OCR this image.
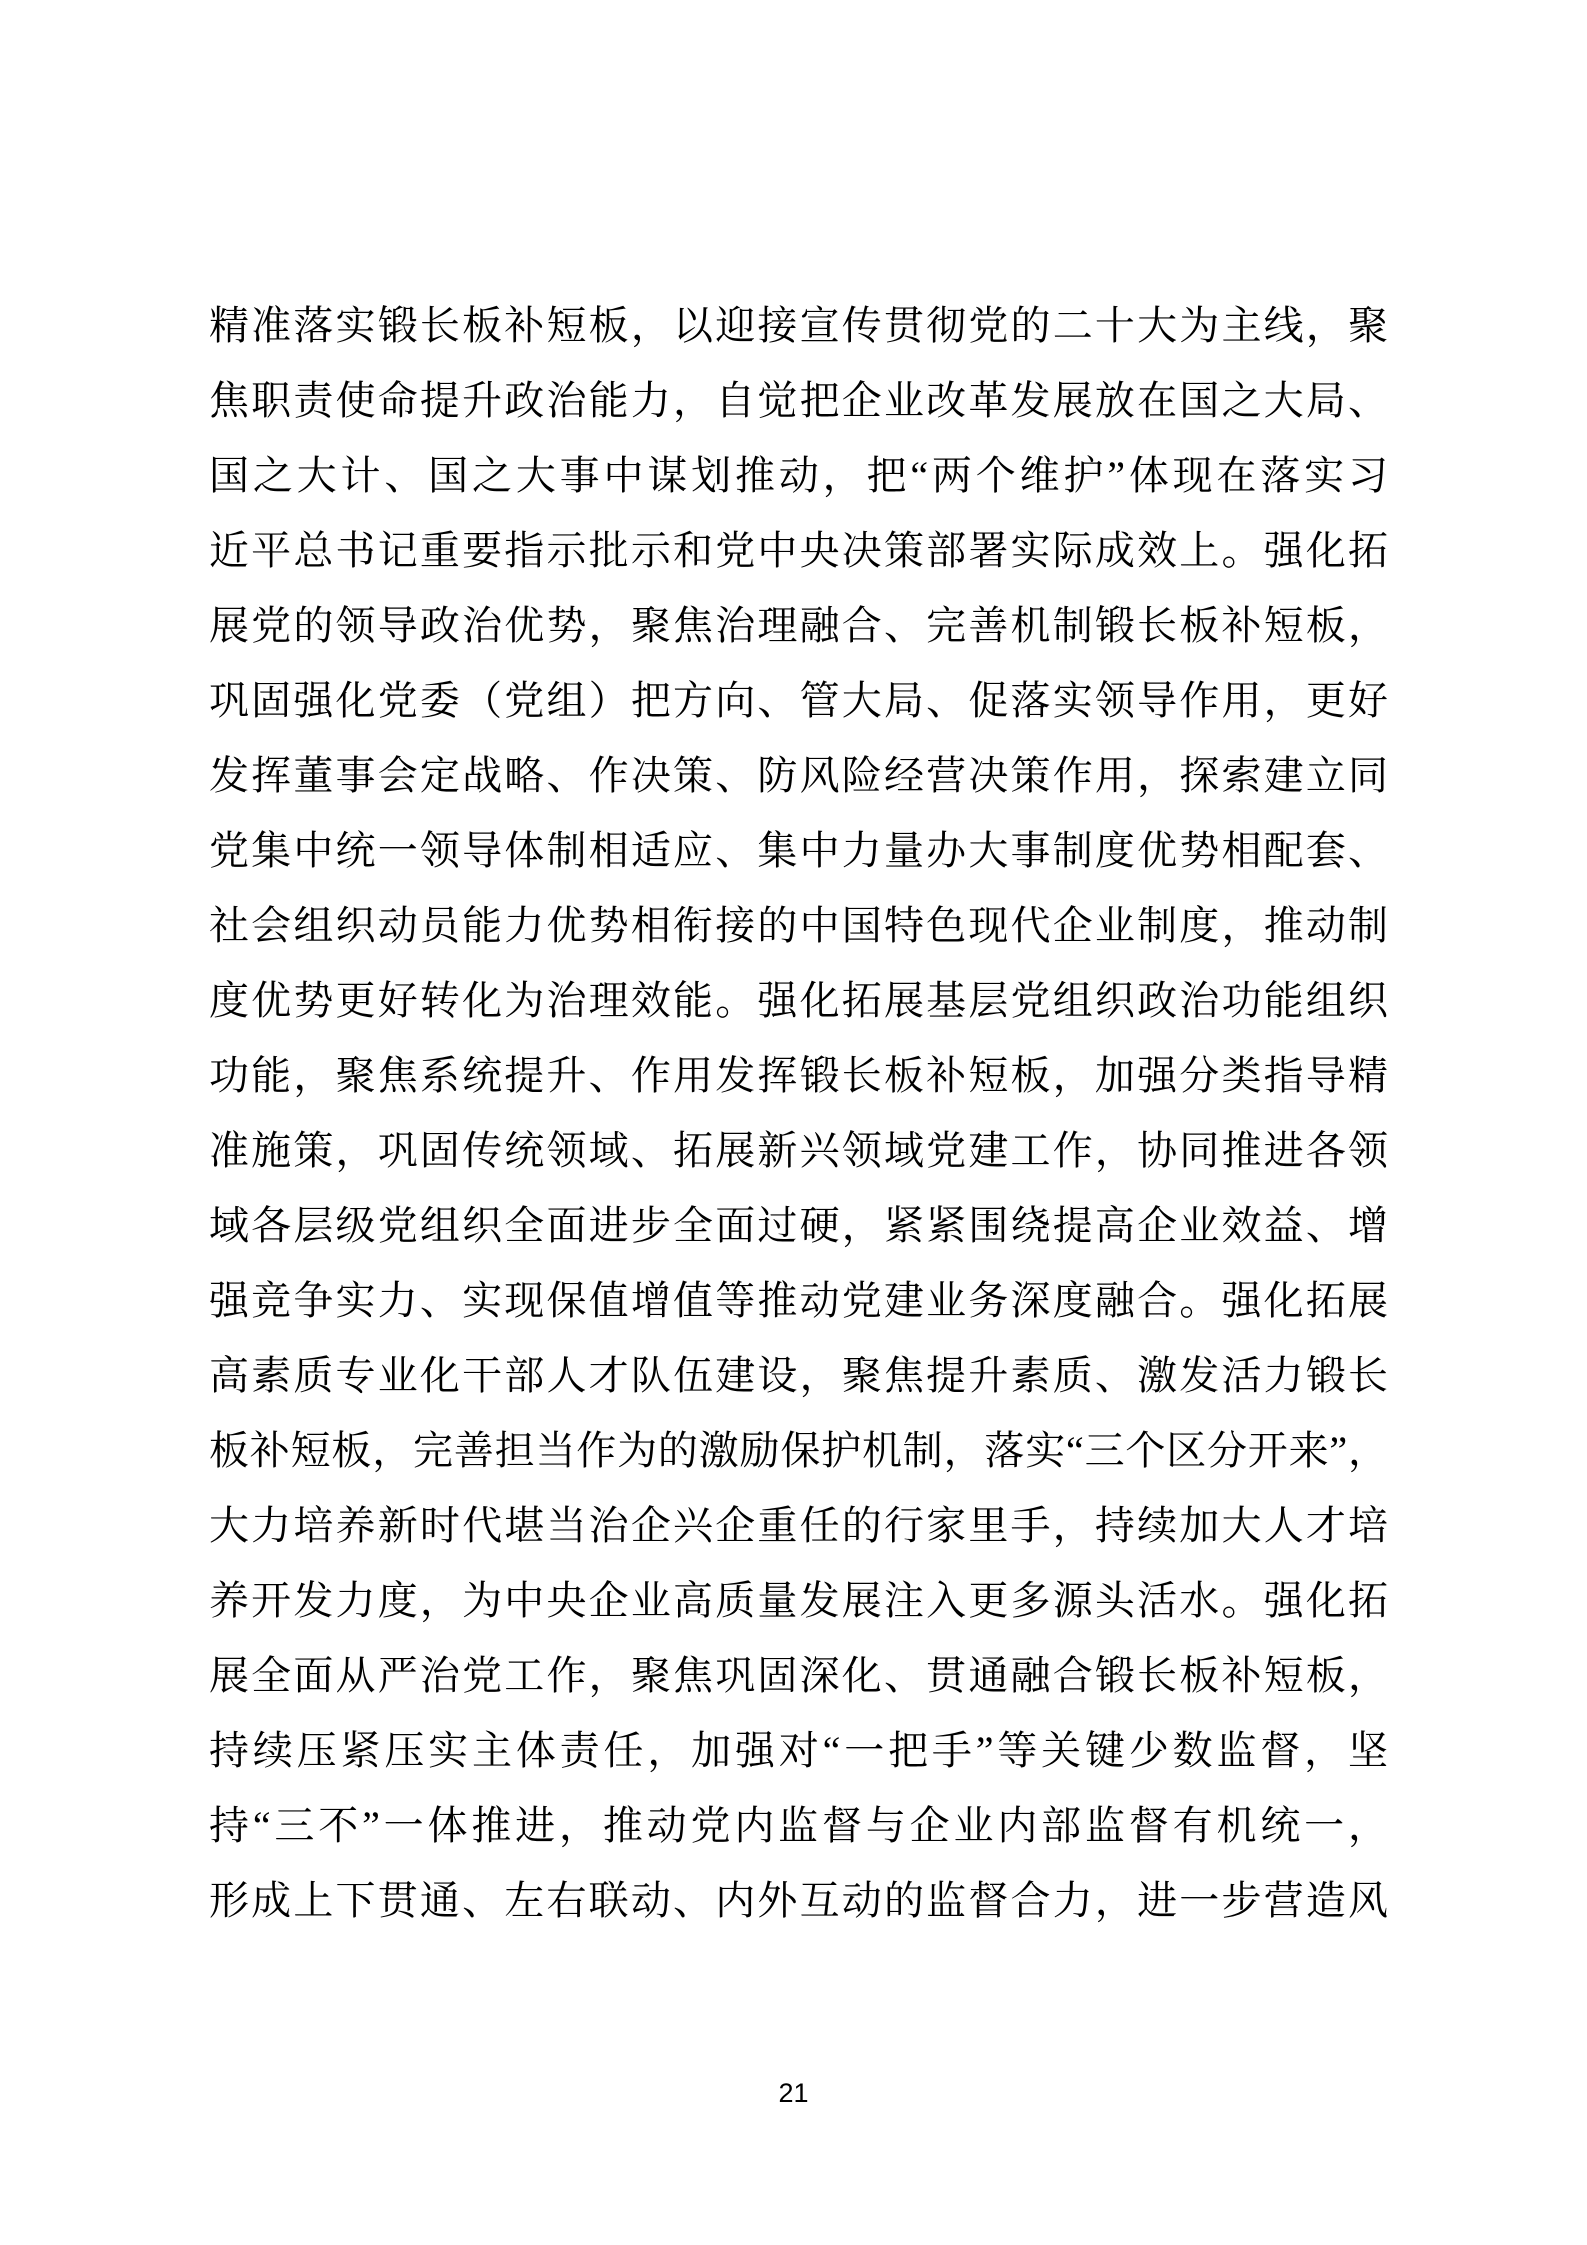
精准落实锻长板补短板，以迎接宣传贯彻党的二十大为主线，聚
焦职责使命提升政治能力，自觉把企业改革发展放在国之大局、
国之大计、国之大事中谋划推动，把“两个维护”体现在落实习
近平总书记重要指示批示和党中央决策部署实际成效上。强化拓
展党的领导政治优势，聚焦治理融合、完善机制锻长板补短板，
巩固强化党委（党组）把方向、管大局、促落实领导作用，更好
发挥董事会定战略、作决策、防风险经营决策作用，探索建立同
党集中统一领导体制相适应、集中力量办大事制度优势相配套、
社会组织动员能力优势相衔接的中国特色现代企业制度，推动制
度优势更好转化为治理效能。强化拓展基层党组织政治功能组织
功能，聚焦系统提升、作用发挥锻长板补短板，加强分类指导精
准施策，巩固传统领域、拓展新兴领域党建工作，协同推进各领
域各层级党组织全面进步全面过硬，紧紧围绕提高企业效益、增
强竞争实力、实现保值增值等推动党建业务深度融合。强化拓展
高素质专业化干部人才队伍建设，聚焦提升素质、激发活力锻长
板补短板，完善担当作为的激励保护机制，落实“三个区分开来”，
大力培养新时代堪当治企兴企重任的行家里手，持续加大人才培
养开发力度，为中央企业高质量发展注入更多源头活水。强化拓
展全面从严治党工作，聚焦巩固深化、贯通融合锻长板补短板，
持续压紧压实主体责任，加强对“一把手”等关键少数监督，坚
持“三不”一体推进，推动党内监督与企业内部监督有机统一，
形成上下贯通、左右联动、内外互动的监督合力，进一步营造风
21
